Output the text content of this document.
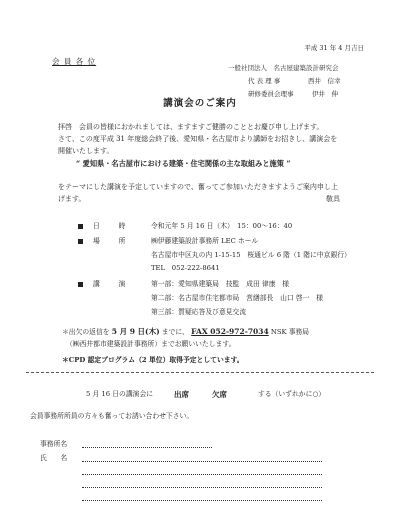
平成 31 年 4 月吉日
会 員 各 位
一般社団法人　名古屋建築設計研究会
代 表 理 事	西井　信幸
研修委員会理事	伊井　伸
講演会のご案内
拝啓　会員の皆様におかれましては、ますますご健勝のこととお慶び申し上げます。
さて、この度平成 31 年度総会終了後、愛知県・名古屋市より講師をお招きし、講演会を
開催いたします。
“ 愛知県・名古屋市における建築・住宅関係の主な取組みと施策 ”
をテーマにした講演を予定していますので、奮ってご参加いただきますようご案内申し上
げます。	敬具
日　時	令和元年 5 月 16 日（木）　15：00～16：40
場　所	㈱伊藤建築設計事務所 LEC ホール
名古屋市中区丸の内 1-15-15　桜通ビル 6 階（1 階に中京銀行）
TEL　052-222-8641
講　演	第一部：愛知県建築局　技監　成田 律康　様
第二部：名古屋市住宅都市局　営繕部長　山口 啓一　様
第三部：質疑応答及び意見交流
＊出欠の返信を 5 月 9 日(木) までに、 FAX 052-972-7034 NSK 事務局
（㈱西井都市建築設計事務所）までお願いいたします。
＊CPD 認定プログラム（2 単位）取得予定としています。
5 月 16 日の講演会に	出席	欠席	する（いずれかに○）
会員事務所所員の方々も奮ってお誘い合わせ下さい。
事務所名
氏　　名
